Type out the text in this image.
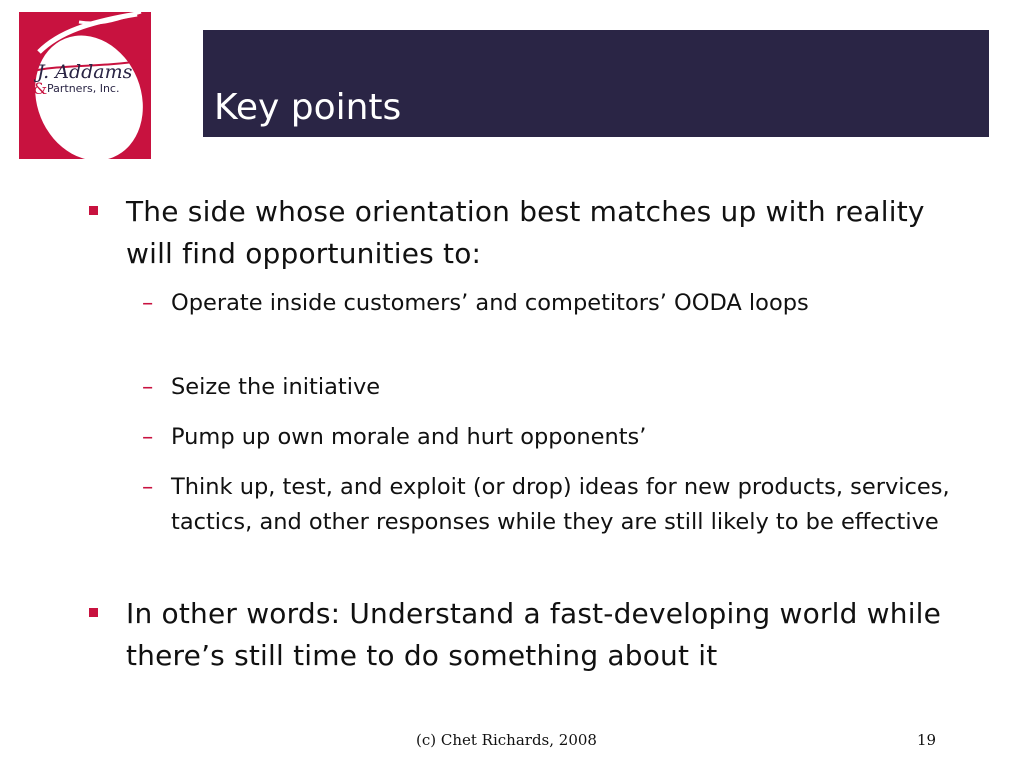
J. Addams
& Partners, Inc.	Key points
The side whose orientation best matches up with reality will find opportunities to:
– Operate inside customers’ and competitors’ OODA loops
– Seize the initiative
– Pump up own morale and hurt opponents’
– Think up, test, and exploit (or drop) ideas for new products, services, tactics, and other responses while they are still likely to be effective
In other words: Understand a fast-developing world while there’s still time to do something about it
(c) Chet Richards, 2008	19
